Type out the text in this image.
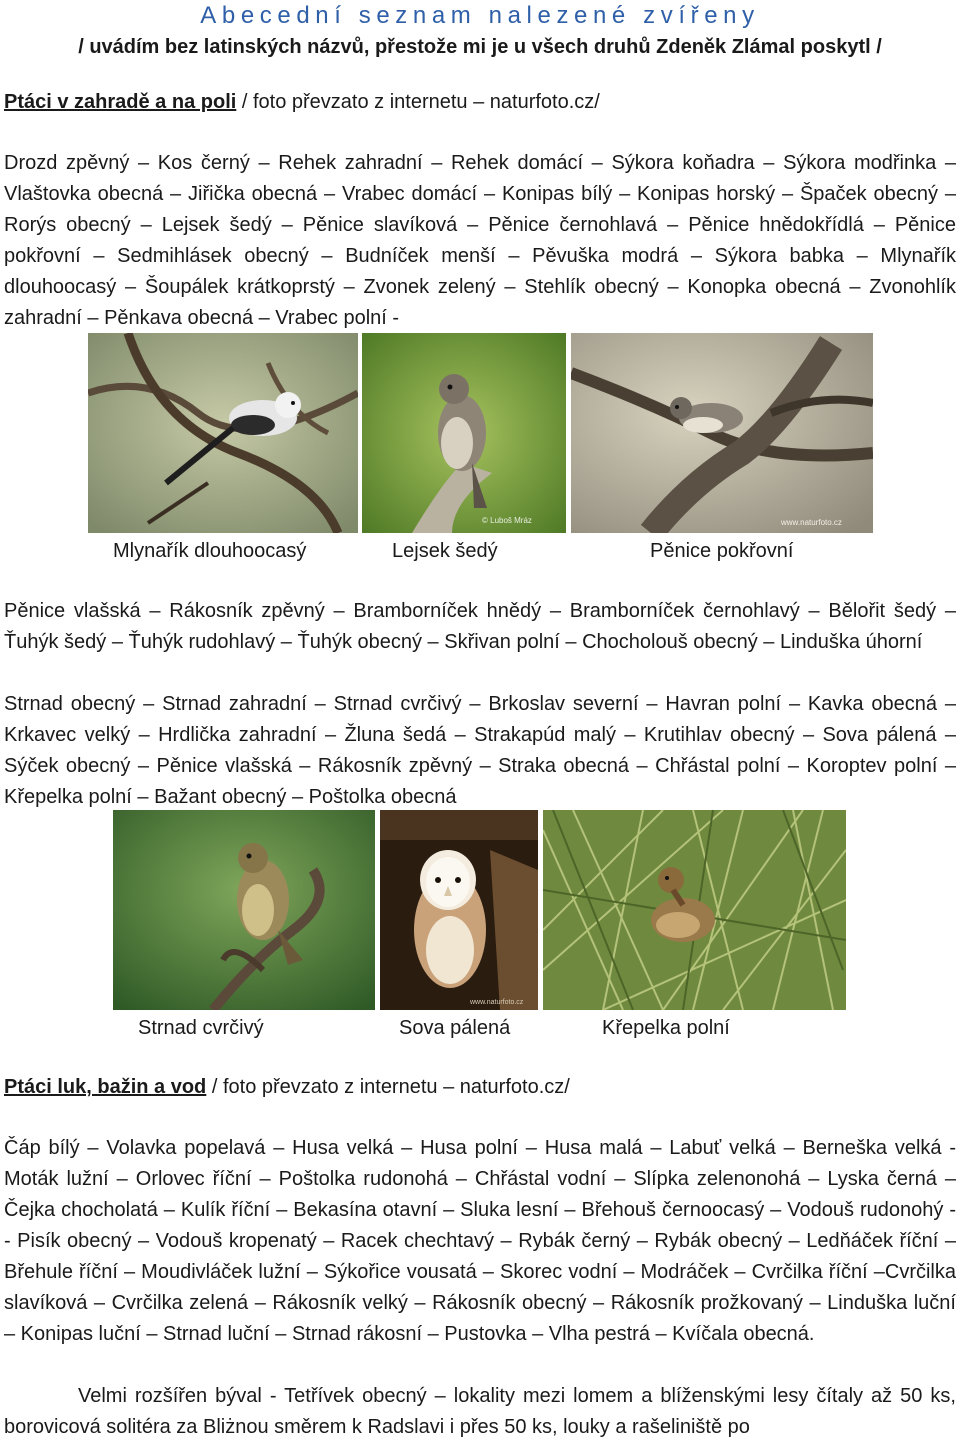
Abecední seznam nalezené zvířeny
/ uvádím bez latinských názvů, přestože mi je u všech druhů Zdeněk Zlámal poskytl /
Ptáci v zahradě a na poli / foto převzato z internetu – naturfoto.cz/

Drozd zpěvný – Kos černý – Rehek zahradní – Rehek domácí – Sýkora koňadra – Sýkora modřinka – Vlaštovka obecná – Jiřička obecná – Vrabec domácí – Konipas bílý – Konipas horský – Špaček obecný – Rorýs obecný – Lejsek šedý – Pěnice slavíková – Pěnice černohlavá – Pěnice hnědokřídlá – Pěnice pokřovní – Sedmihlásek obecný – Budníček menší – Pěvuška modrá – Sýkora babka – Mlynařík dlouhoocasý – Šoupálek krátkoprstý – Zvonek zelený – Stehlík obecný – Konopka obecná – Zvonohlík zahradní – Pěnkava obecná – Vrabec polní -

© Luboš Mráz	www.naturfoto.cz
Mlynařík dlouhoocasý	Lejsek šedý	Pěnice pokřovní

Pěnice vlašská – Rákosník zpěvný – Bramborníček hnědý – Bramborníček černohlavý – Bělořit šedý – Ťuhýk šedý – Ťuhýk rudohlavý – Ťuhýk obecný – Skřivan polní – Chocholouš obecný – Linduška úhorní

Strnad obecný – Strnad zahradní – Strnad cvrčivý – Brkoslav severní – Havran polní – Kavka obecná – Krkavec velký – Hrdlička zahradní – Žluna šedá – Strakapúd malý – Krutihlav obecný – Sova pálená – Sýček obecný – Pěnice vlašská – Rákosník zpěvný – Straka obecná – Chřástal polní – Koroptev polní – Křepelka polní – Bažant obecný – Poštolka obecná

www.naturfoto.cz
Strnad cvrčivý	Sova pálená	Křepelka polní
Ptáci luk, bažin a vod / foto převzato z internetu – naturfoto.cz/

Čáp bílý – Volavka popelavá – Husa velká – Husa polní – Husa malá – Labuť velká – Berneška velká - Moták lužní – Orlovec říční – Poštolka rudonohá – Chřástal vodní – Slípka zelenonohá – Lyska černá – Čejka chocholatá – Kulík říční – Bekasína otavní – Sluka lesní – Břehouš černoocasý – Vodouš rudonohý - - Pisík obecný – Vodouš kropenatý – Racek chechtavý – Rybák černý – Rybák obecný – Ledňáček říční – Břehule říční – Moudivláček lužní – Sýkořice vousatá – Skorec vodní – Modráček – Cvrčilka říční –Cvrčilka slavíková – Cvrčilka zelená – Rákosník velký – Rákosník obecný – Rákosník prožkovaný – Linduška luční – Konipas luční – Strnad luční – Strnad rákosní – Pustovka – Vlha pestrá – Kvíčala obecná.

Velmi rozšířen býval - Tetřívek obecný – lokality mezi lomem a blíženskými lesy čítaly až 50 ks, borovicová solitéra za Bliżnou směrem k Radslavi i přes 50 ks, louky a rašeliniště po
